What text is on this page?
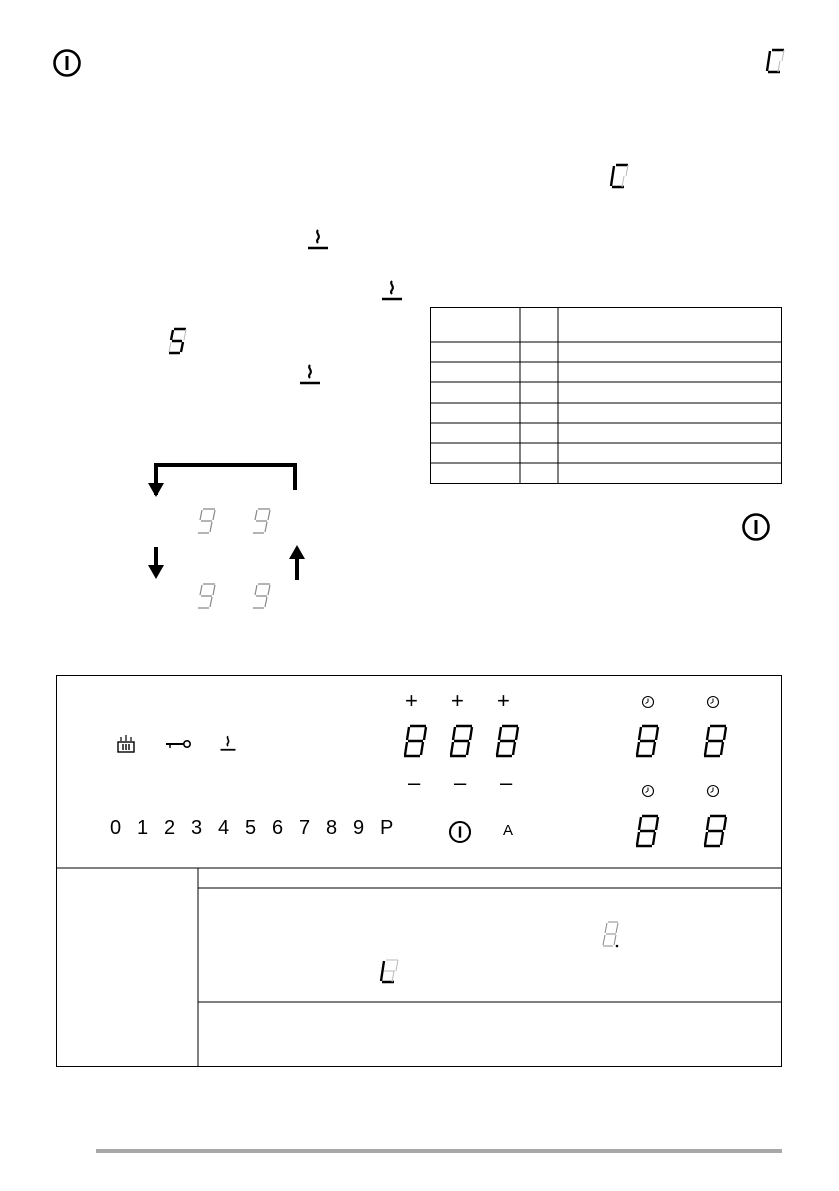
+ + +
– – –
0 1 2 3 4 5 6 7 8 9 P	A
